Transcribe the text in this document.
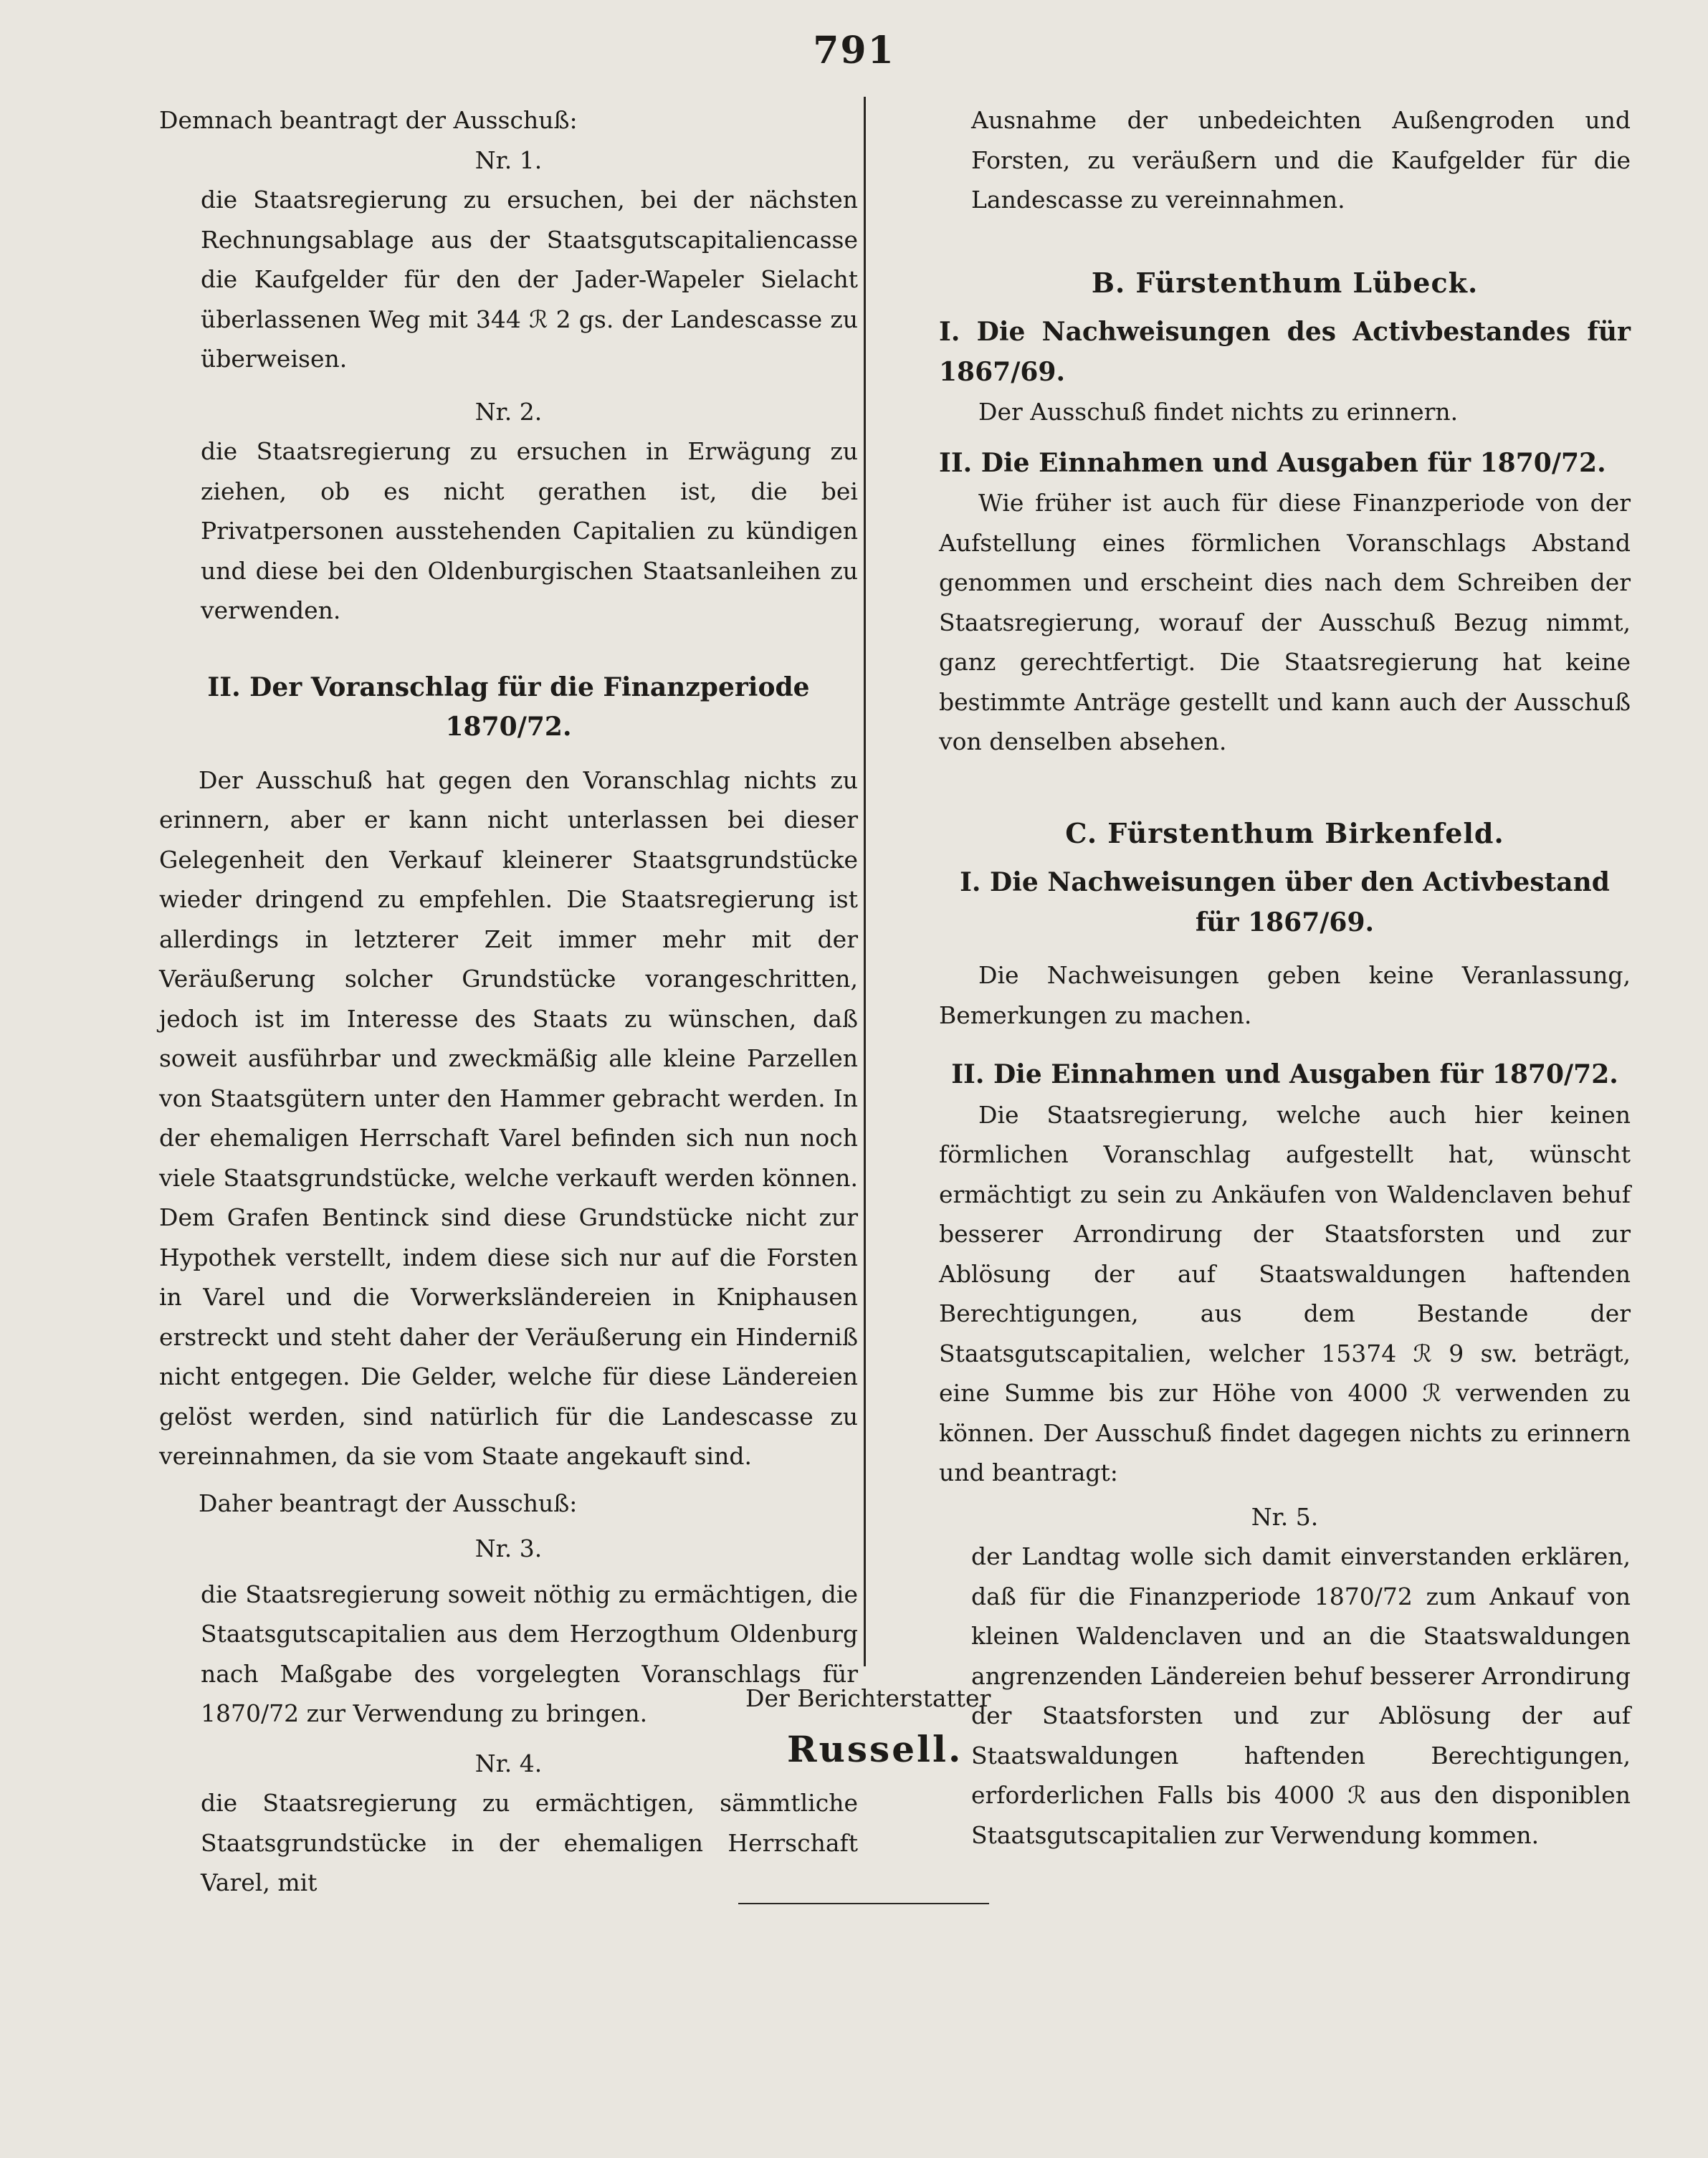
791

Demnach beantragt der Ausschuß:

Nr. 1.

die Staatsregierung zu ersuchen, bei der nächsten Rechnungsablage aus der Staatsgutscapitaliencasse die Kaufgelder für den der Jader-Wapeler Sielacht überlassenen Weg mit 344 ℛ 2 gs. der Landescasse zu überweisen.

Nr. 2.

die Staatsregierung zu ersuchen in Erwägung zu ziehen, ob es nicht gerathen ist, die bei Privatpersonen ausstehenden Capitalien zu kündigen und diese bei den Oldenburgischen Staatsanleihen zu verwenden.

II. Der Voranschlag für die Finanzperiode 1870/72.

Der Ausschuß hat gegen den Voranschlag nichts zu erinnern, aber er kann nicht unterlassen bei dieser Gelegenheit den Verkauf kleinerer Staatsgrundstücke wieder dringend zu empfehlen. Die Staatsregierung ist allerdings in letzterer Zeit immer mehr mit der Veräußerung solcher Grundstücke vorangeschritten, jedoch ist im Interesse des Staats zu wünschen, daß soweit ausführbar und zweckmäßig alle kleine Parzellen von Staatsgütern unter den Hammer gebracht werden. In der ehemaligen Herrschaft Varel befinden sich nun noch viele Staatsgrundstücke, welche verkauft werden können. Dem Grafen Bentinck sind diese Grundstücke nicht zur Hypothek verstellt, indem diese sich nur auf die Forsten in Varel und die Vorwerksländereien in Kniphausen erstreckt und steht daher der Veräußerung ein Hinderniß nicht entgegen. Die Gelder, welche für diese Ländereien gelöst werden, sind natürlich für die Landescasse zu vereinnahmen, da sie vom Staate angekauft sind.

Daher beantragt der Ausschuß:

Nr. 3.

die Staatsregierung soweit nöthig zu ermächtigen, die Staatsgutscapitalien aus dem Herzogthum Oldenburg nach Maßgabe des vorgelegten Voranschlags für 1870/72 zur Verwendung zu bringen.

Nr. 4.

die Staatsregierung zu ermächtigen, sämmtliche Staatsgrundstücke in der ehemaligen Herrschaft Varel, mit

Ausnahme der unbedeichten Außengroden und Forsten, zu veräußern und die Kaufgelder für die Landescasse zu vereinnahmen.

B. Fürstenthum Lübeck.

I. Die Nachweisungen des Activbestandes für 1867/69.

Der Ausschuß findet nichts zu erinnern.

II. Die Einnahmen und Ausgaben für 1870/72.

Wie früher ist auch für diese Finanzperiode von der Aufstellung eines förmlichen Voranschlags Abstand genommen und erscheint dies nach dem Schreiben der Staatsregierung, worauf der Ausschuß Bezug nimmt, ganz gerechtfertigt. Die Staatsregierung hat keine bestimmte Anträge gestellt und kann auch der Ausschuß von denselben absehen.

C. Fürstenthum Birkenfeld.

I. Die Nachweisungen über den Activbestand für 1867/69.

Die Nachweisungen geben keine Veranlassung, Bemerkungen zu machen.

II. Die Einnahmen und Ausgaben für 1870/72.

Die Staatsregierung, welche auch hier keinen förmlichen Voranschlag aufgestellt hat, wünscht ermächtigt zu sein zu Ankäufen von Waldenclaven behuf besserer Arrondirung der Staatsforsten und zur Ablösung der auf Staatswaldungen haftenden Berechtigungen, aus dem Bestande der Staatsgutscapitalien, welcher 15374 ℛ 9 sw. beträgt, eine Summe bis zur Höhe von 4000 ℛ verwenden zu können. Der Ausschuß findet dagegen nichts zu erinnern und beantragt:

Nr. 5.

der Landtag wolle sich damit einverstanden erklären, daß für die Finanzperiode 1870/72 zum Ankauf von kleinen Waldenclaven und an die Staatswaldungen angrenzenden Ländereien behuf besserer Arrondirung der Staatsforsten und zur Ablösung der auf Staatswaldungen haftenden Berechtigungen, erforderlichen Falls bis 4000 ℛ aus den disponiblen Staatsgutscapitalien zur Verwendung kommen.

Der Berichterstatter
Russell.
